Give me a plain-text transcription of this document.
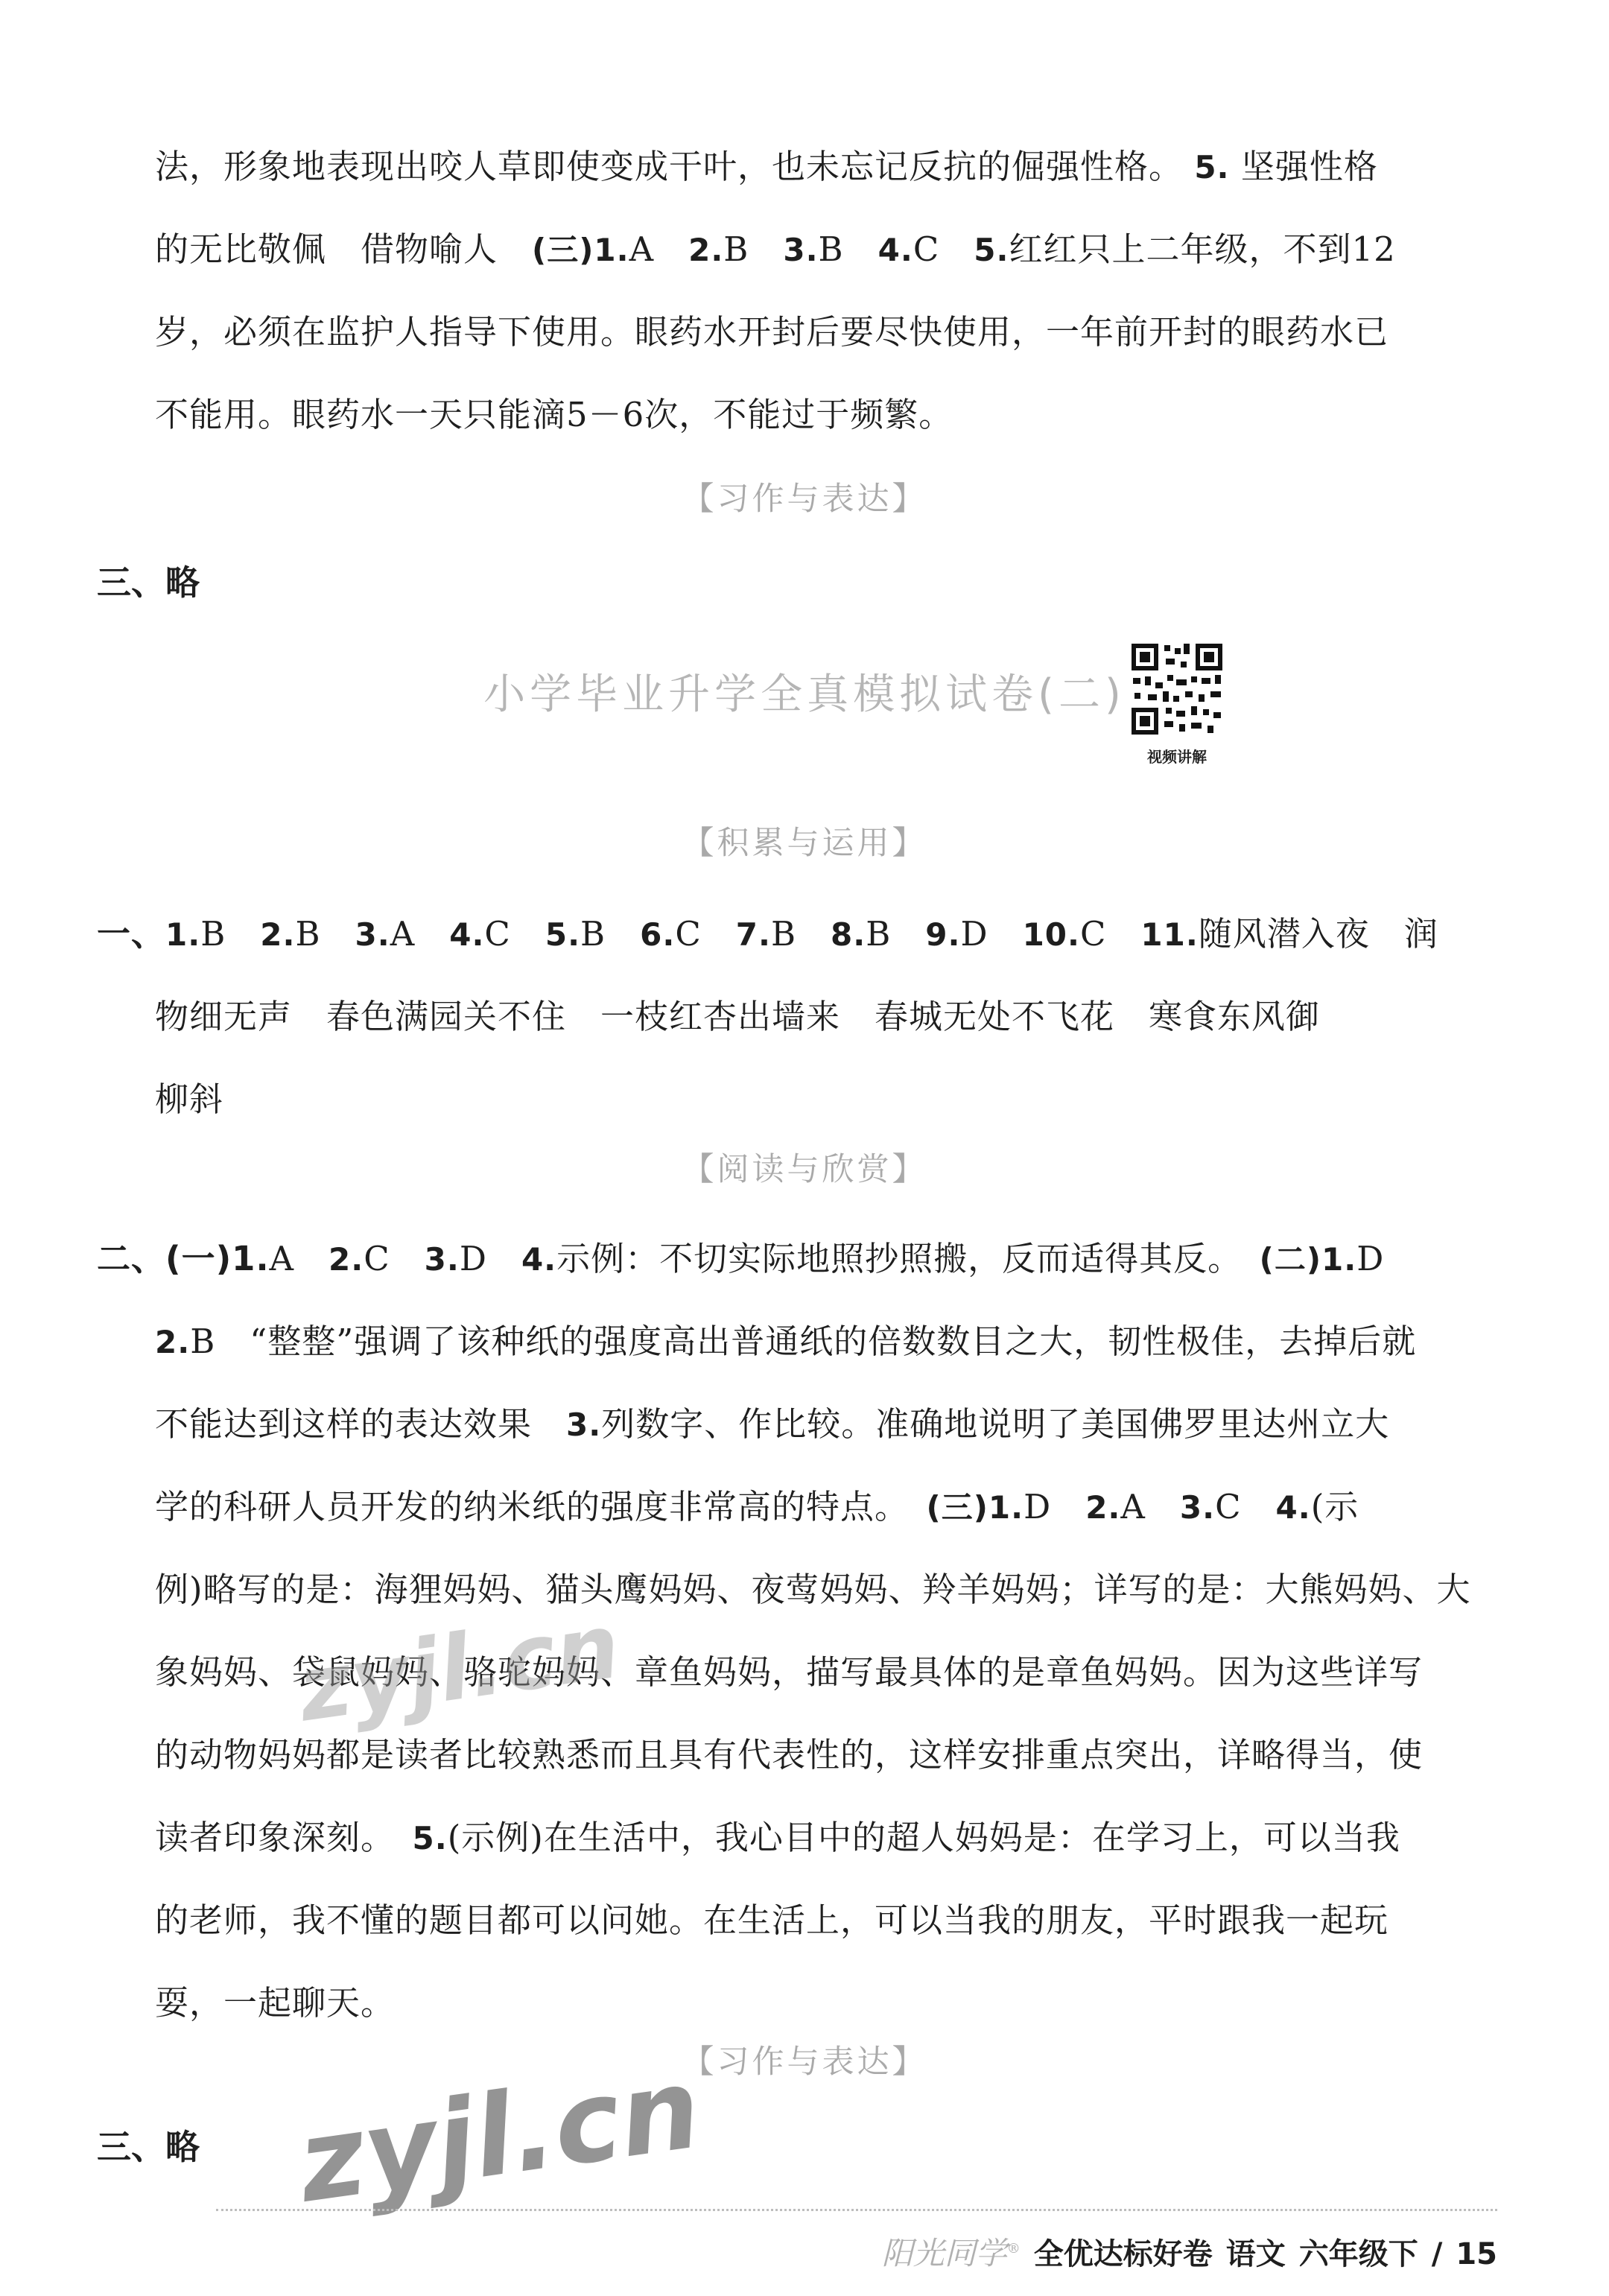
法，形象地表现出咬人草即使变成干叶，也未忘记反抗的倔强性格。 5. 坚强性格

的无比敬佩　借物喻人　(三)1.A　2.B　3.B　4.C　5.红红只上二年级，不到12

岁，必须在监护人指导下使用。眼药水开封后要尽快使用，一年前开封的眼药水已

不能用。眼药水一天只能滴5－6次，不能过于频繁。

【习作与表达】
三、略
小学毕业升学全真模拟试卷(二)
视频讲解
【积累与运用】

一、1.B　2.B　3.A　4.C　5.B　6.C　7.B　8.B　9.D　10.C　11.随风潜入夜　润

物细无声　春色满园关不住　一枝红杏出墙来　春城无处不飞花　寒食东风御

柳斜

【阅读与欣赏】

二、(一)1.A　2.C　3.D　4.示例：不切实际地照抄照搬，反而适得其反。　(二)1.D

2.B　“整整”强调了该种纸的强度高出普通纸的倍数数目之大，韧性极佳，去掉后就

不能达到这样的表达效果　3.列数字、作比较。准确地说明了美国佛罗里达州立大

学的科研人员开发的纳米纸的强度非常高的特点。　(三)1.D　2.A　3.C　4.(示

例)略写的是：海狸妈妈、猫头鹰妈妈、夜莺妈妈、羚羊妈妈；详写的是：大熊妈妈、大

象妈妈、袋鼠妈妈、骆驼妈妈、章鱼妈妈，描写最具体的是章鱼妈妈。因为这些详写

的动物妈妈都是读者比较熟悉而且具有代表性的，这样安排重点突出，详略得当，使

读者印象深刻。　5.(示例)在生活中，我心目中的超人妈妈是：在学习上，可以当我

的老师，我不懂的题目都可以问她。在生活上，可以当我的朋友，平时跟我一起玩

耍，一起聊天。

【习作与表达】
三、略
zyjl.cn
zyjl.cn
阳光同学® 全优达标好卷 语文 六年级下 / 15
